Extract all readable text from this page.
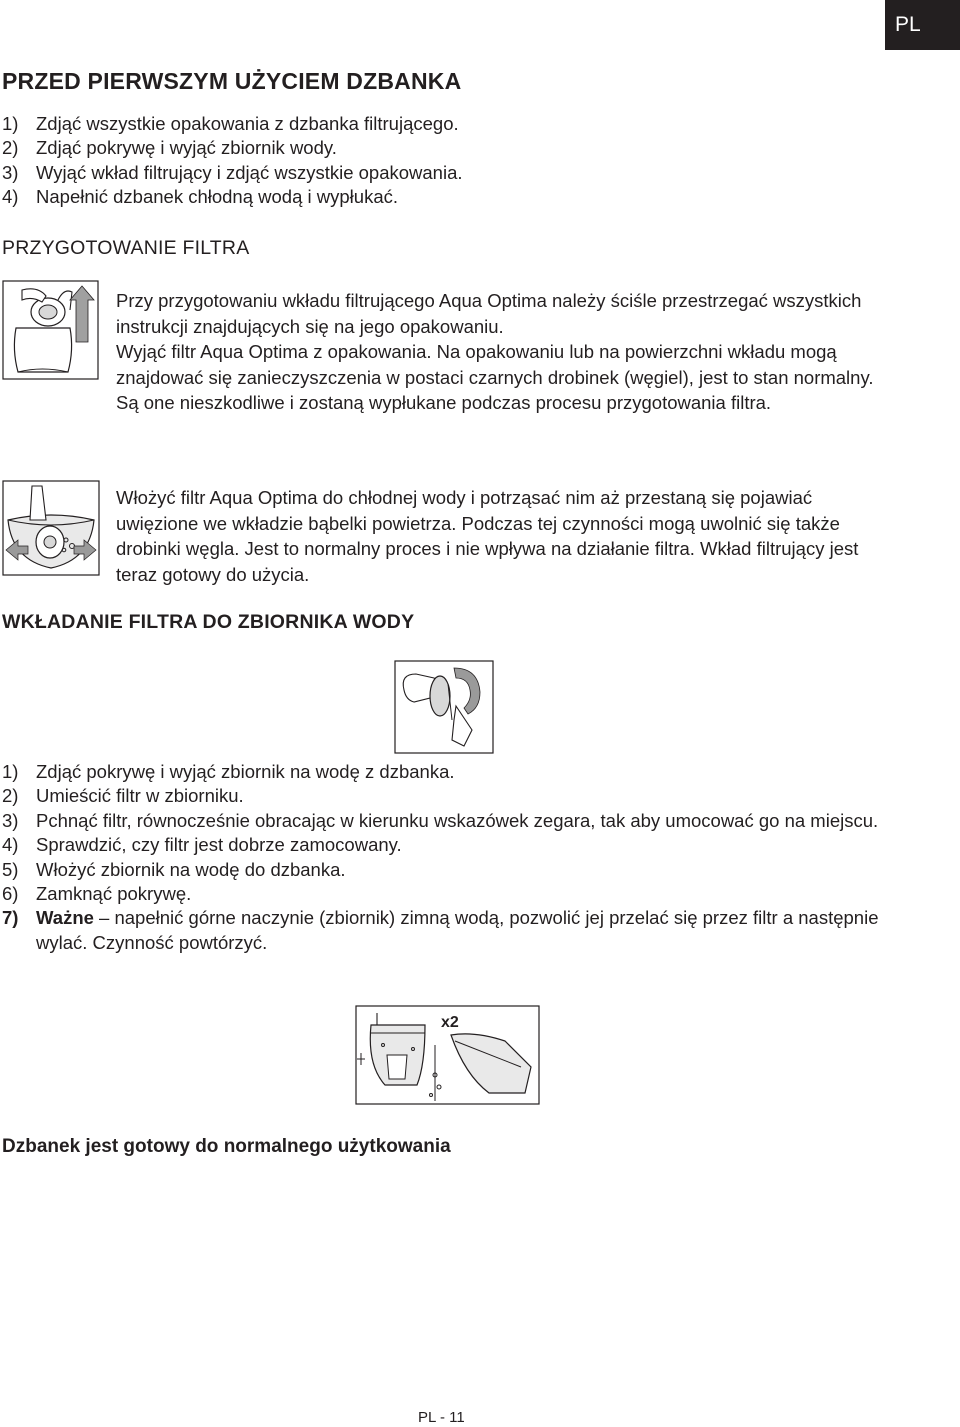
PL
PRZED PIERWSZYM UŻYCIEM DZBANKA
1) Zdjąć wszystkie opakowania z dzbanka filtrującego.
2) Zdjąć pokrywę i wyjąć zbiornik wody.
3) Wyjąć wkład filtrujący i zdjąć wszystkie opakowania.
4) Napełnić dzbanek chłodną wodą i wypłukać.
PRZYGOTOWANIE FILTRA

Przy przygotowaniu wkładu filtrującego Aqua Optima należy ściśle przestrzegać wszystkich instrukcji znajdujących się na jego opakowaniu.

Wyjąć filtr Aqua Optima z opakowania. Na opakowaniu lub na powierzchni wkładu mogą znajdować się zanieczyszczenia w postaci czarnych drobinek (węgiel), jest to stan normalny. Są one nieszkodliwe i zostaną wypłukane podczas procesu przygotowania filtra.

Włożyć filtr Aqua Optima do chłodnej wody i potrząsać nim aż przestaną się pojawiać uwięzione we wkładzie bąbelki powietrza. Podczas tej czynności mogą uwolnić się także drobinki węgla. Jest to normalny proces i nie wpływa na działanie filtra. Wkład filtrujący jest teraz gotowy do użycia.

WKŁADANIE FILTRA DO ZBIORNIKA WODY
1) Zdjąć pokrywę i wyjąć zbiornik na wodę z dzbanka.
2) Umieścić filtr w zbiorniku.
3) Pchnąć filtr, równocześnie obracając w kierunku wskazówek zegara, tak aby umocować go na miejscu.
4) Sprawdzić, czy filtr jest dobrze zamocowany.
5) Włożyć zbiornik na wodę do dzbanka.
6) Zamknąć pokrywę.
7) Ważne – napełnić górne naczynie (zbiornik) zimną wodą, pozwolić jej przelać się przez filtr a następnie wylać. Czynność powtórzyć.
x2

Dzbanek jest gotowy do normalnego użytkowania

PL - 11
